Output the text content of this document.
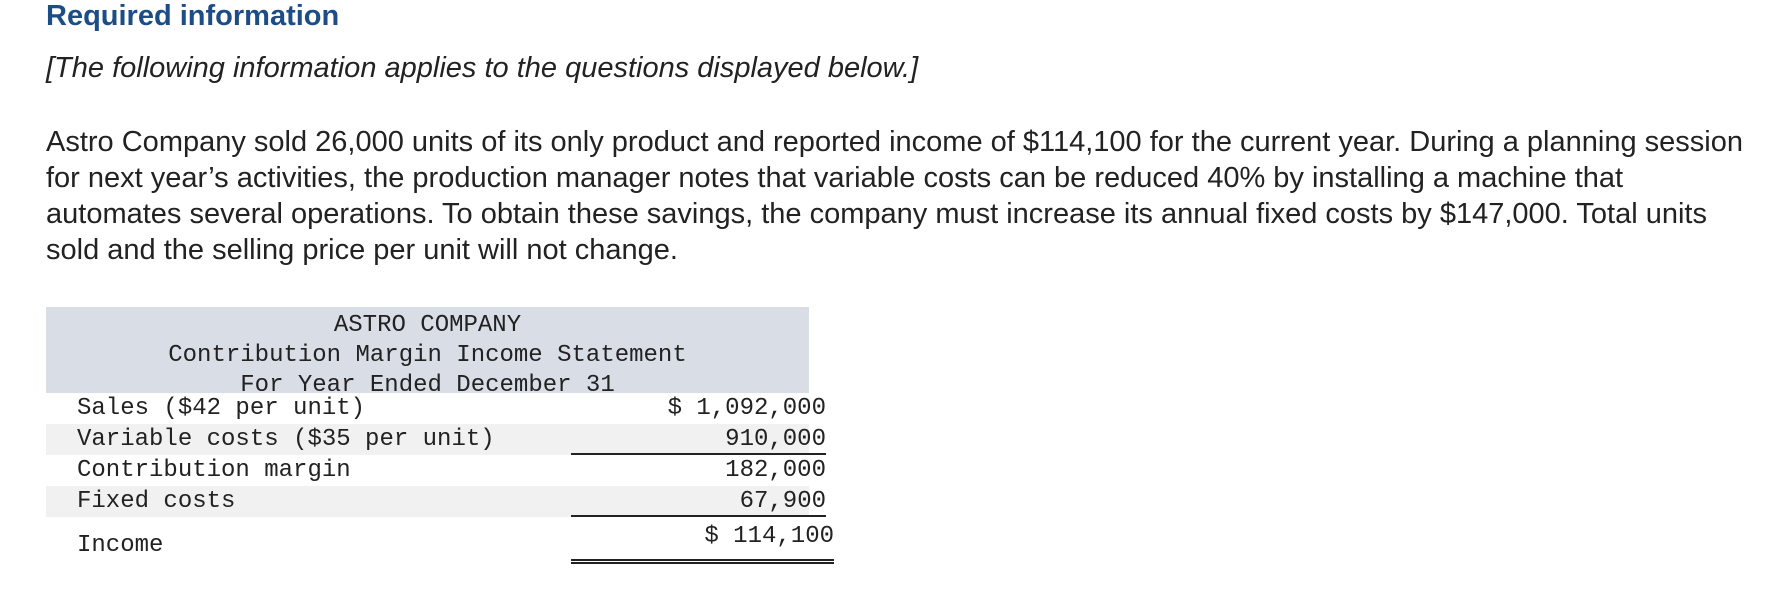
Required information
[The following information applies to the questions displayed below.]
Astro Company sold 26,000 units of its only product and reported income of $114,100 for the current year. During a planning session for next year’s activities, the production manager notes that variable costs can be reduced 40% by installing a machine that automates several operations. To obtain these savings, the company must increase its annual fixed costs by $147,000. Total units sold and the selling price per unit will not change.
ASTRO COMPANY
Contribution Margin Income Statement
For Year Ended December 31
Sales ($42 per unit)	$ 1,092,000
Variable costs ($35 per unit)	910,000
Contribution margin	182,000
Fixed costs	67,900
Income	$ 114,100
